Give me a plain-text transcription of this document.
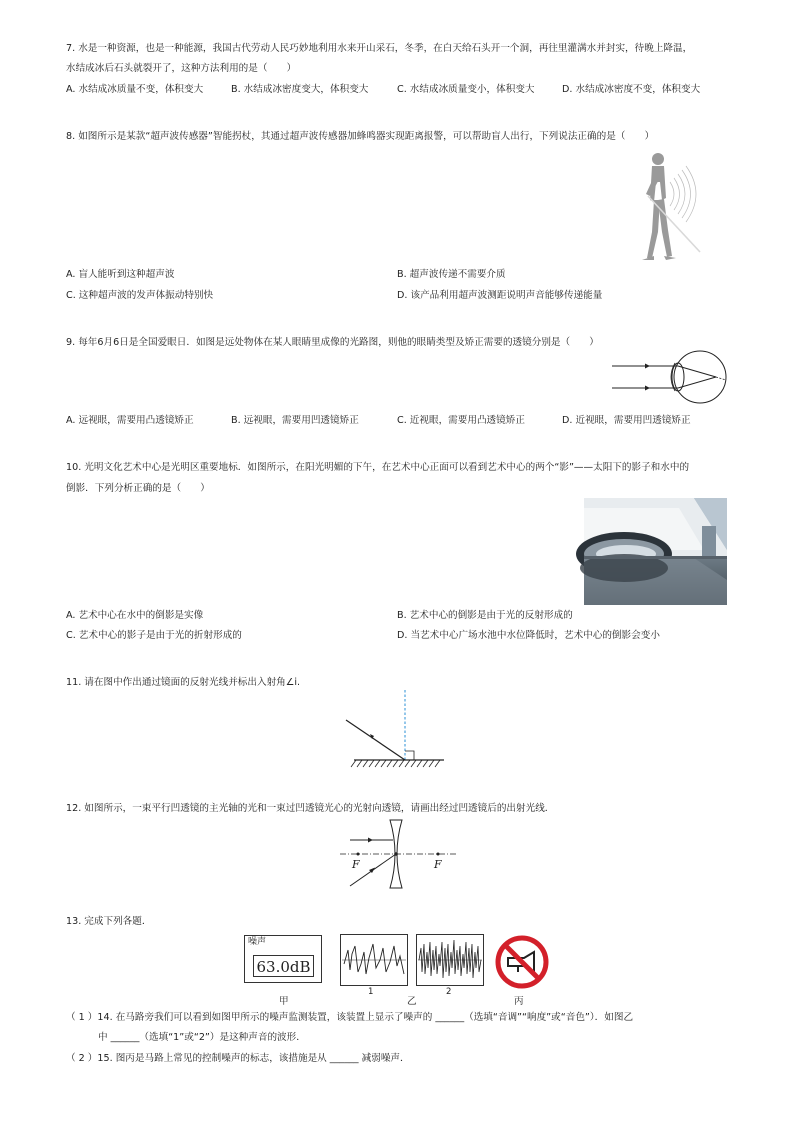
7. 水是一种资源，也是一种能源，我国古代劳动人民巧妙地利用水来开山采石，冬季，在白天给石头开一个洞，再往里灌满水并封实，待晚上降温，
水结成冰后石头就裂开了，这种方法利用的是（　　）
A. 水结成冰质量不变，体积变大	B. 水结成冰密度变大，体积变大	C. 水结成冰质量变小，体积变大	D. 水结成冰密度不变，体积变大
8. 如图所示是某款“超声波传感器”智能拐杖，其通过超声波传感器加蜂鸣器实现距离报警，可以帮助盲人出行，下列说法正确的是（　　）
A. 盲人能听到这种超声波	B. 超声波传递不需要介质
C. 这种超声波的发声体振动特别快	D. 该产品利用超声波测距说明声音能够传递能量
9. 每年6月6日是全国爱眼日．如图是远处物体在某人眼睛里成像的光路图，则他的眼睛类型及矫正需要的透镜分别是（　　）
A. 远视眼，需要用凸透镜矫正	B. 远视眼，需要用凹透镜矫正	C. 近视眼，需要用凸透镜矫正	D. 近视眼，需要用凹透镜矫正
10. 光明文化艺术中心是光明区重要地标．如图所示，在阳光明媚的下午，在艺术中心正面可以看到艺术中心的两个“影”——太阳下的影子和水中的
倒影．下列分析正确的是（　　）
A. 艺术中心在水中的倒影是实像	B. 艺术中心的倒影是由于光的反射形成的
C. 艺术中心的影子是由于光的折射形成的	D. 当艺术中心广场水池中水位降低时，艺术中心的倒影会变小
11. 请在图中作出通过镜面的反射光线并标出入射角∠i.
12. 如图所示，一束平行凹透镜的主光轴的光和一束过凹透镜光心的光射向透镜，请画出经过凹透镜后的出射光线．
F	F
13. 完成下列各题．
噪声
63.0dB
1	2
甲	乙	丙
（ 1 ）14. 在马路旁我们可以看到如图甲所示的噪声监测装置，该装置上显示了噪声的 ______（选填“音调”“响度”或“音色”）．如图乙
中 ______（选填“1”或“2”）是这种声音的波形．
（ 2 ）15. 图丙是马路上常见的控制噪声的标志，该措施是从 ______ 减弱噪声．
